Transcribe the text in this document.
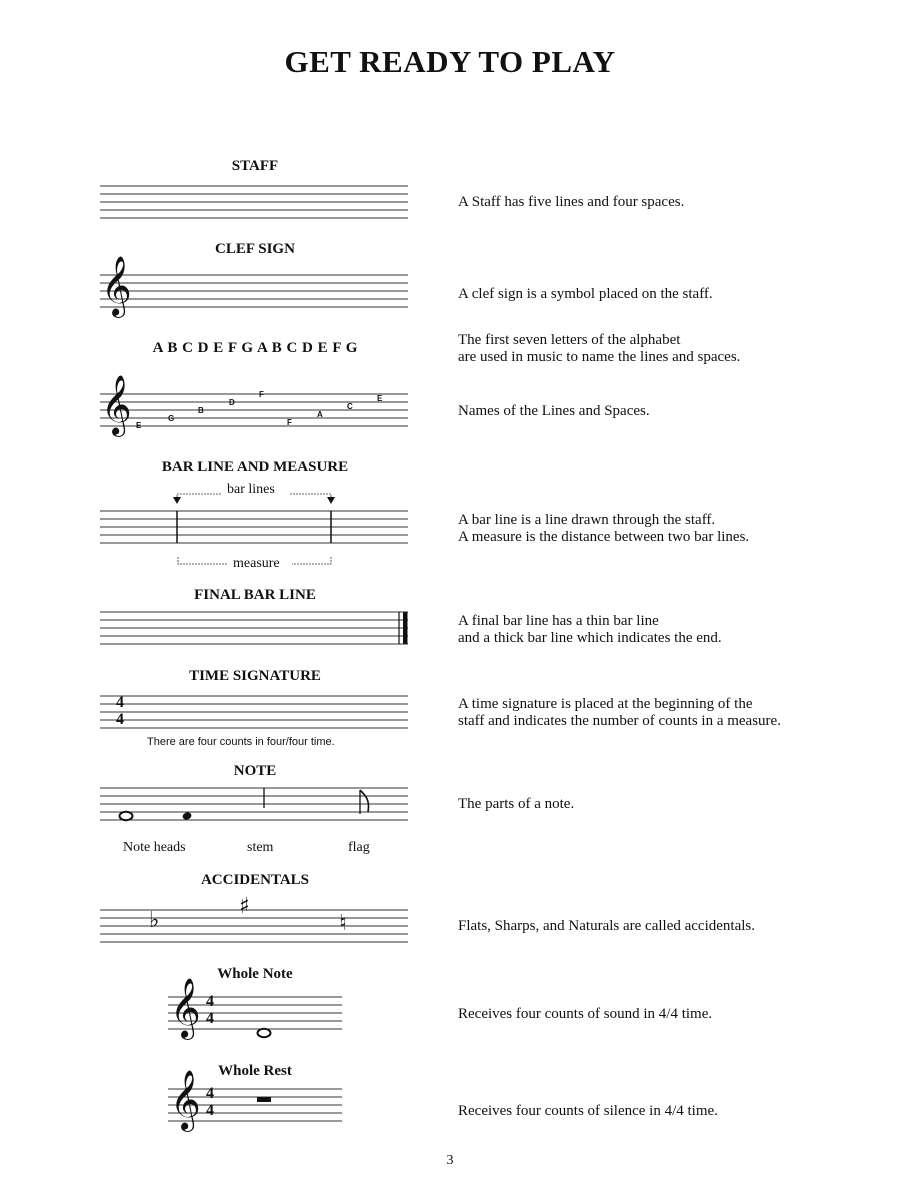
GET READY TO PLAY
STAFF
𝄞
𝄞
𝄞
𝄞
4
4
4
4
A Staff has five lines and four spaces.
CLEF SIGN
A clef sign is a symbol placed on the staff.
A B C D E F G A B C D E F G	The first seven letters of the alphabet
are used in music to name the lines and spaces.
E
G
B
D
F
F
A
C
E
Names of the Lines and Spaces.
BAR LINE AND MEASURE
bar lines
measure
A bar line is a line drawn through the staff.
A measure is the distance between two bar lines.
FINAL BAR LINE
A final bar line has a thin bar line
and a thick bar line which indicates the end.
TIME SIGNATURE
4
4
There are four counts in four/four time.
A time signature is placed at the beginning of the
staff and indicates the number of counts in a measure.
NOTE
Note heads	stem	flag
The parts of a note.
ACCIDENTALS
♭
♯
♮	Flats, Sharps, and Naturals are called accidentals.
Whole Note
Receives four counts of sound in 4/4 time.
Whole Rest
Receives four counts of silence in 4/4 time.
3
